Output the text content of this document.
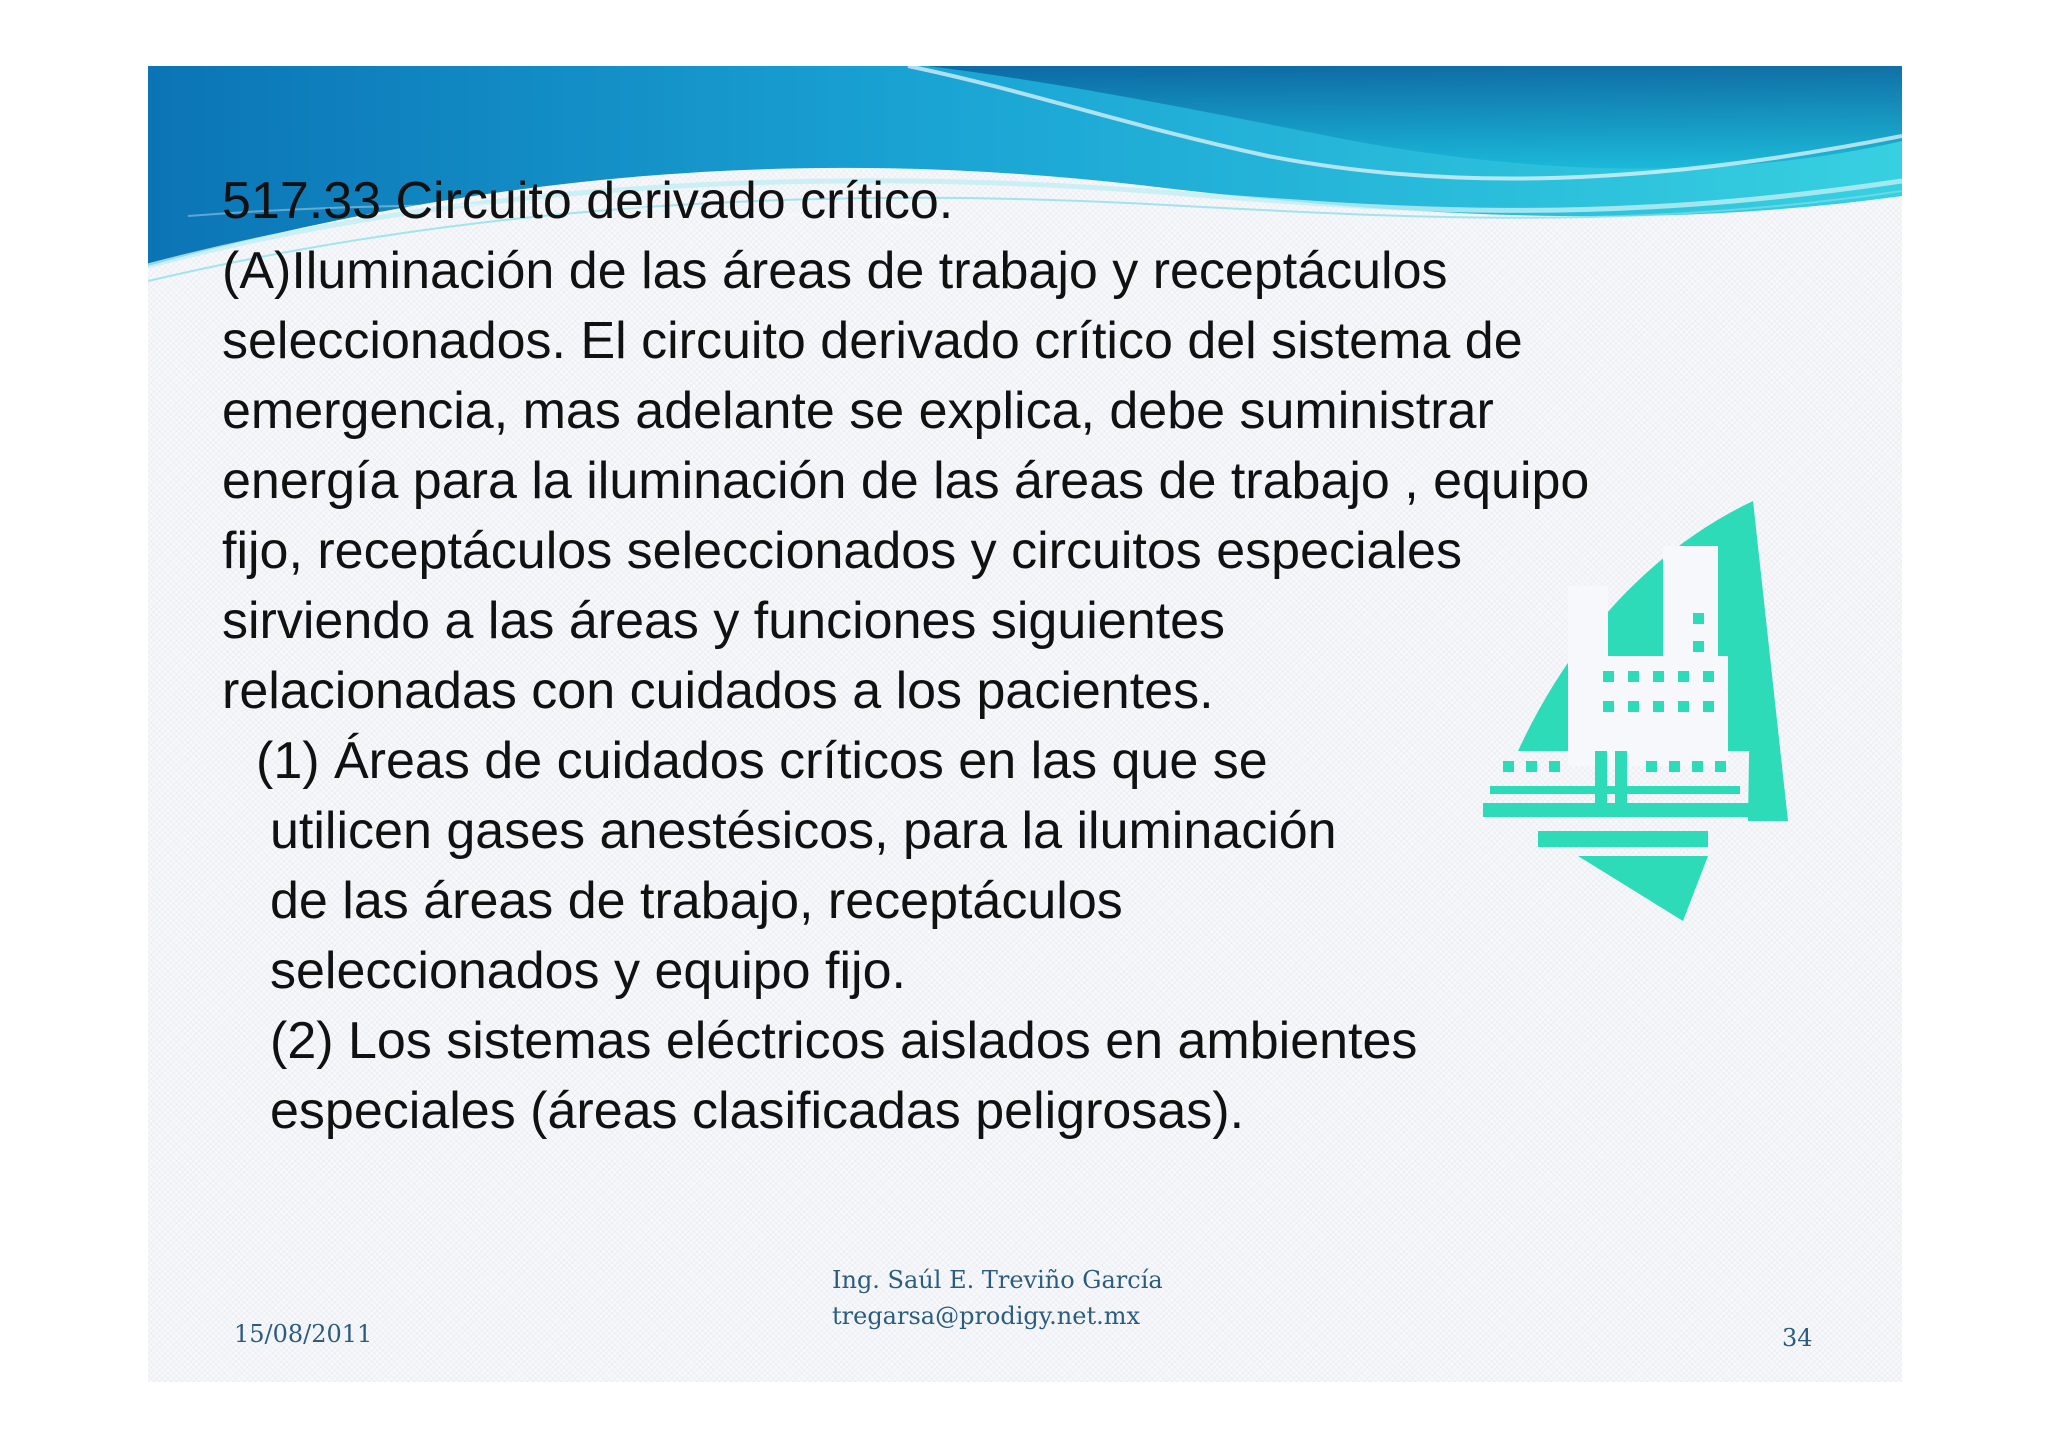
517.33 Circuito derivado crítico.
(A)Iluminación de las áreas de trabajo y receptáculos
seleccionados. El circuito derivado crítico del sistema de
emergencia, mas adelante se explica, debe suministrar
energía para la iluminación de las áreas de trabajo , equipo
fijo, receptáculos seleccionados y circuitos especiales
sirviendo a las áreas y funciones siguientes
relacionadas con cuidados a los pacientes.
(1) Áreas de cuidados críticos en las que se
utilicen gases anestésicos, para la iluminación
de las áreas de trabajo, receptáculos
seleccionados y equipo fijo.
(2) Los sistemas eléctricos aislados en ambientes
especiales (áreas clasificadas peligrosas).
15/08/2011
Ing. Saúl E. Treviño García
tregarsa@prodigy.net.mx
34
